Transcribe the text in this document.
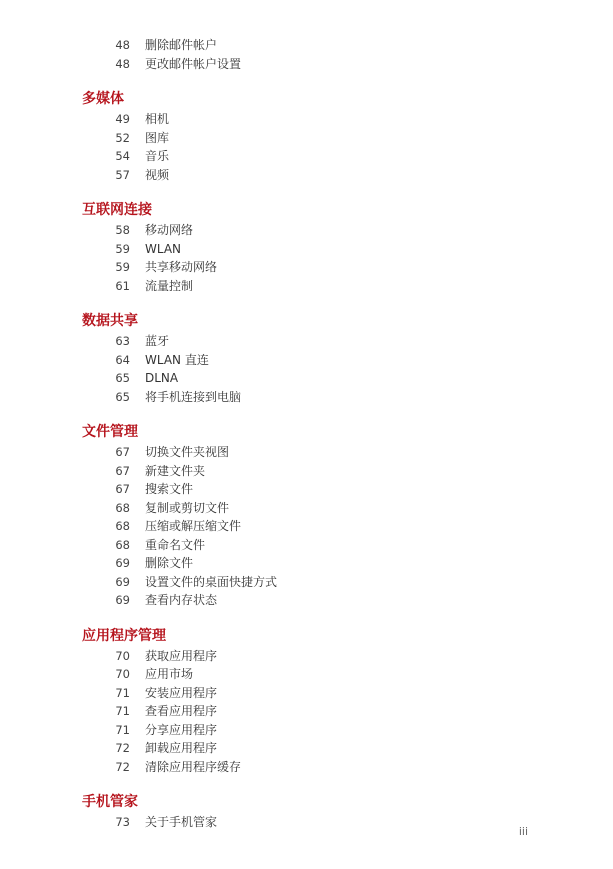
48 删除邮件帐户
48 更改邮件帐户设置
多媒体
49 相机
52 图库
54 音乐
57 视频
互联网连接
58 移动网络
59 WLAN
59 共享移动网络
61 流量控制
数据共享
63 蓝牙
64 WLAN 直连
65 DLNA
65 将手机连接到电脑
文件管理
67 切换文件夹视图
67 新建文件夹
67 搜索文件
68 复制或剪切文件
68 压缩或解压缩文件
68 重命名文件
69 删除文件
69 设置文件的桌面快捷方式
69 查看内存状态
应用程序管理
70 获取应用程序
70 应用市场
71 安装应用程序
71 查看应用程序
71 分享应用程序
72 卸载应用程序
72 清除应用程序缓存
手机管家
73 关于手机管家
iii
